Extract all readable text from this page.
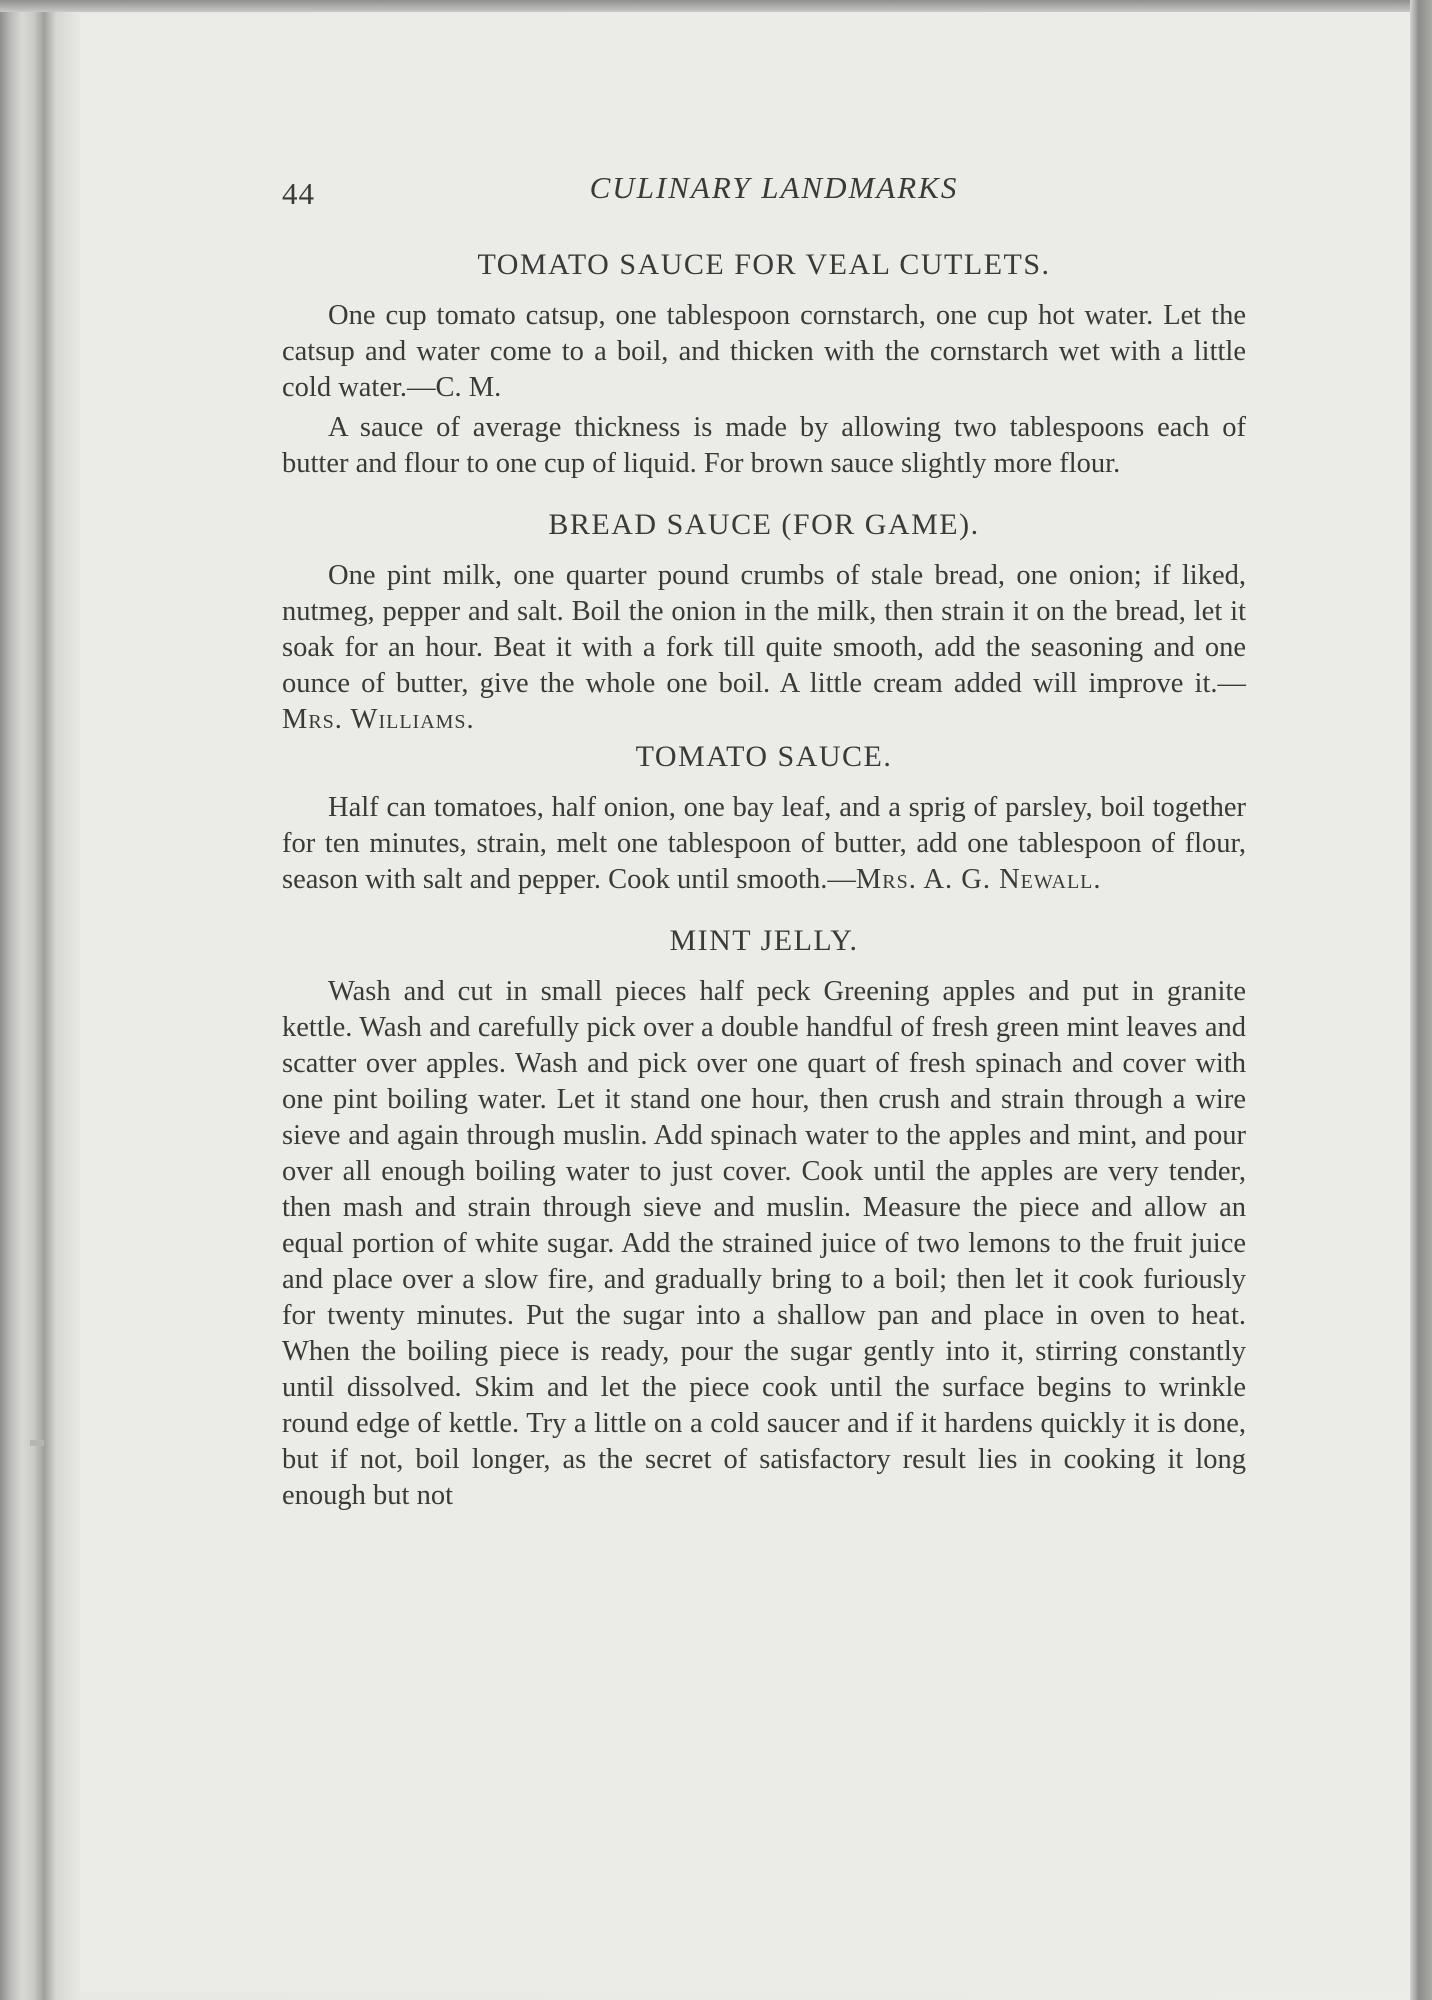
44	CULINARY LANDMARKS
TOMATO SAUCE FOR VEAL CUTLETS.

One cup tomato catsup, one tablespoon cornstarch, one cup hot water. Let the catsup and water come to a boil, and thicken with the cornstarch wet with a little cold water.—C. M.

A sauce of average thickness is made by allowing two tablespoons each of butter and flour to one cup of liquid. For brown sauce slightly more flour.

BREAD SAUCE (FOR GAME).

One pint milk, one quarter pound crumbs of stale bread, one onion; if liked, nutmeg, pepper and salt. Boil the onion in the milk, then strain it on the bread, let it soak for an hour. Beat it with a fork till quite smooth, add the seasoning and one ounce of butter, give the whole one boil. A little cream added will improve it.—Mrs. Williams.

TOMATO SAUCE.

Half can tomatoes, half onion, one bay leaf, and a sprig of parsley, boil together for ten minutes, strain, melt one tablespoon of butter, add one tablespoon of flour, season with salt and pepper. Cook until smooth.—Mrs. A. G. Newall.

MINT JELLY.

Wash and cut in small pieces half peck Greening apples and put in granite kettle. Wash and carefully pick over a double handful of fresh green mint leaves and scatter over apples. Wash and pick over one quart of fresh spinach and cover with one pint boiling water. Let it stand one hour, then crush and strain through a wire sieve and again through muslin. Add spinach water to the apples and mint, and pour over all enough boiling water to just cover. Cook until the apples are very tender, then mash and strain through sieve and muslin. Measure the piece and allow an equal portion of white sugar. Add the strained juice of two lemons to the fruit juice and place over a slow fire, and gradually bring to a boil; then let it cook furiously for twenty minutes. Put the sugar into a shallow pan and place in oven to heat. When the boiling piece is ready, pour the sugar gently into it, stirring constantly until dissolved. Skim and let the piece cook until the surface begins to wrinkle round edge of kettle. Try a little on a cold saucer and if it hardens quickly it is done, but if not, boil longer, as the secret of satisfactory result lies in cooking it long enough but not
